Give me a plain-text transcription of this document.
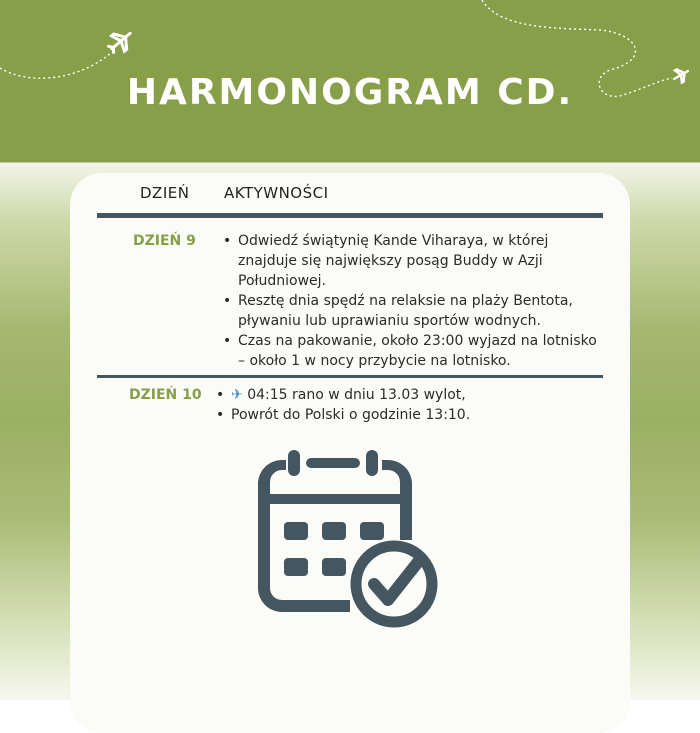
HARMONOGRAM CD.
DZIEŃ AKTYWNOŚCI
DZIEŃ 9	• Odwiedź świątynię Kande Viharaya, w której znajduje się największy posąg Buddy w Azji Południowej.
• Resztę dnia spędź na relaksie na plaży Bentota, pływaniu lub uprawianiu sportów wodnych.
• Czas na pakowanie, około 23:00 wyjazd na lotnisko – około 1 w nocy przybycie na lotnisko.
DZIEŃ 10	• ✈ 04:15 rano w dniu 13.03 wylot,
• Powrót do Polski o godzinie 13:10.
